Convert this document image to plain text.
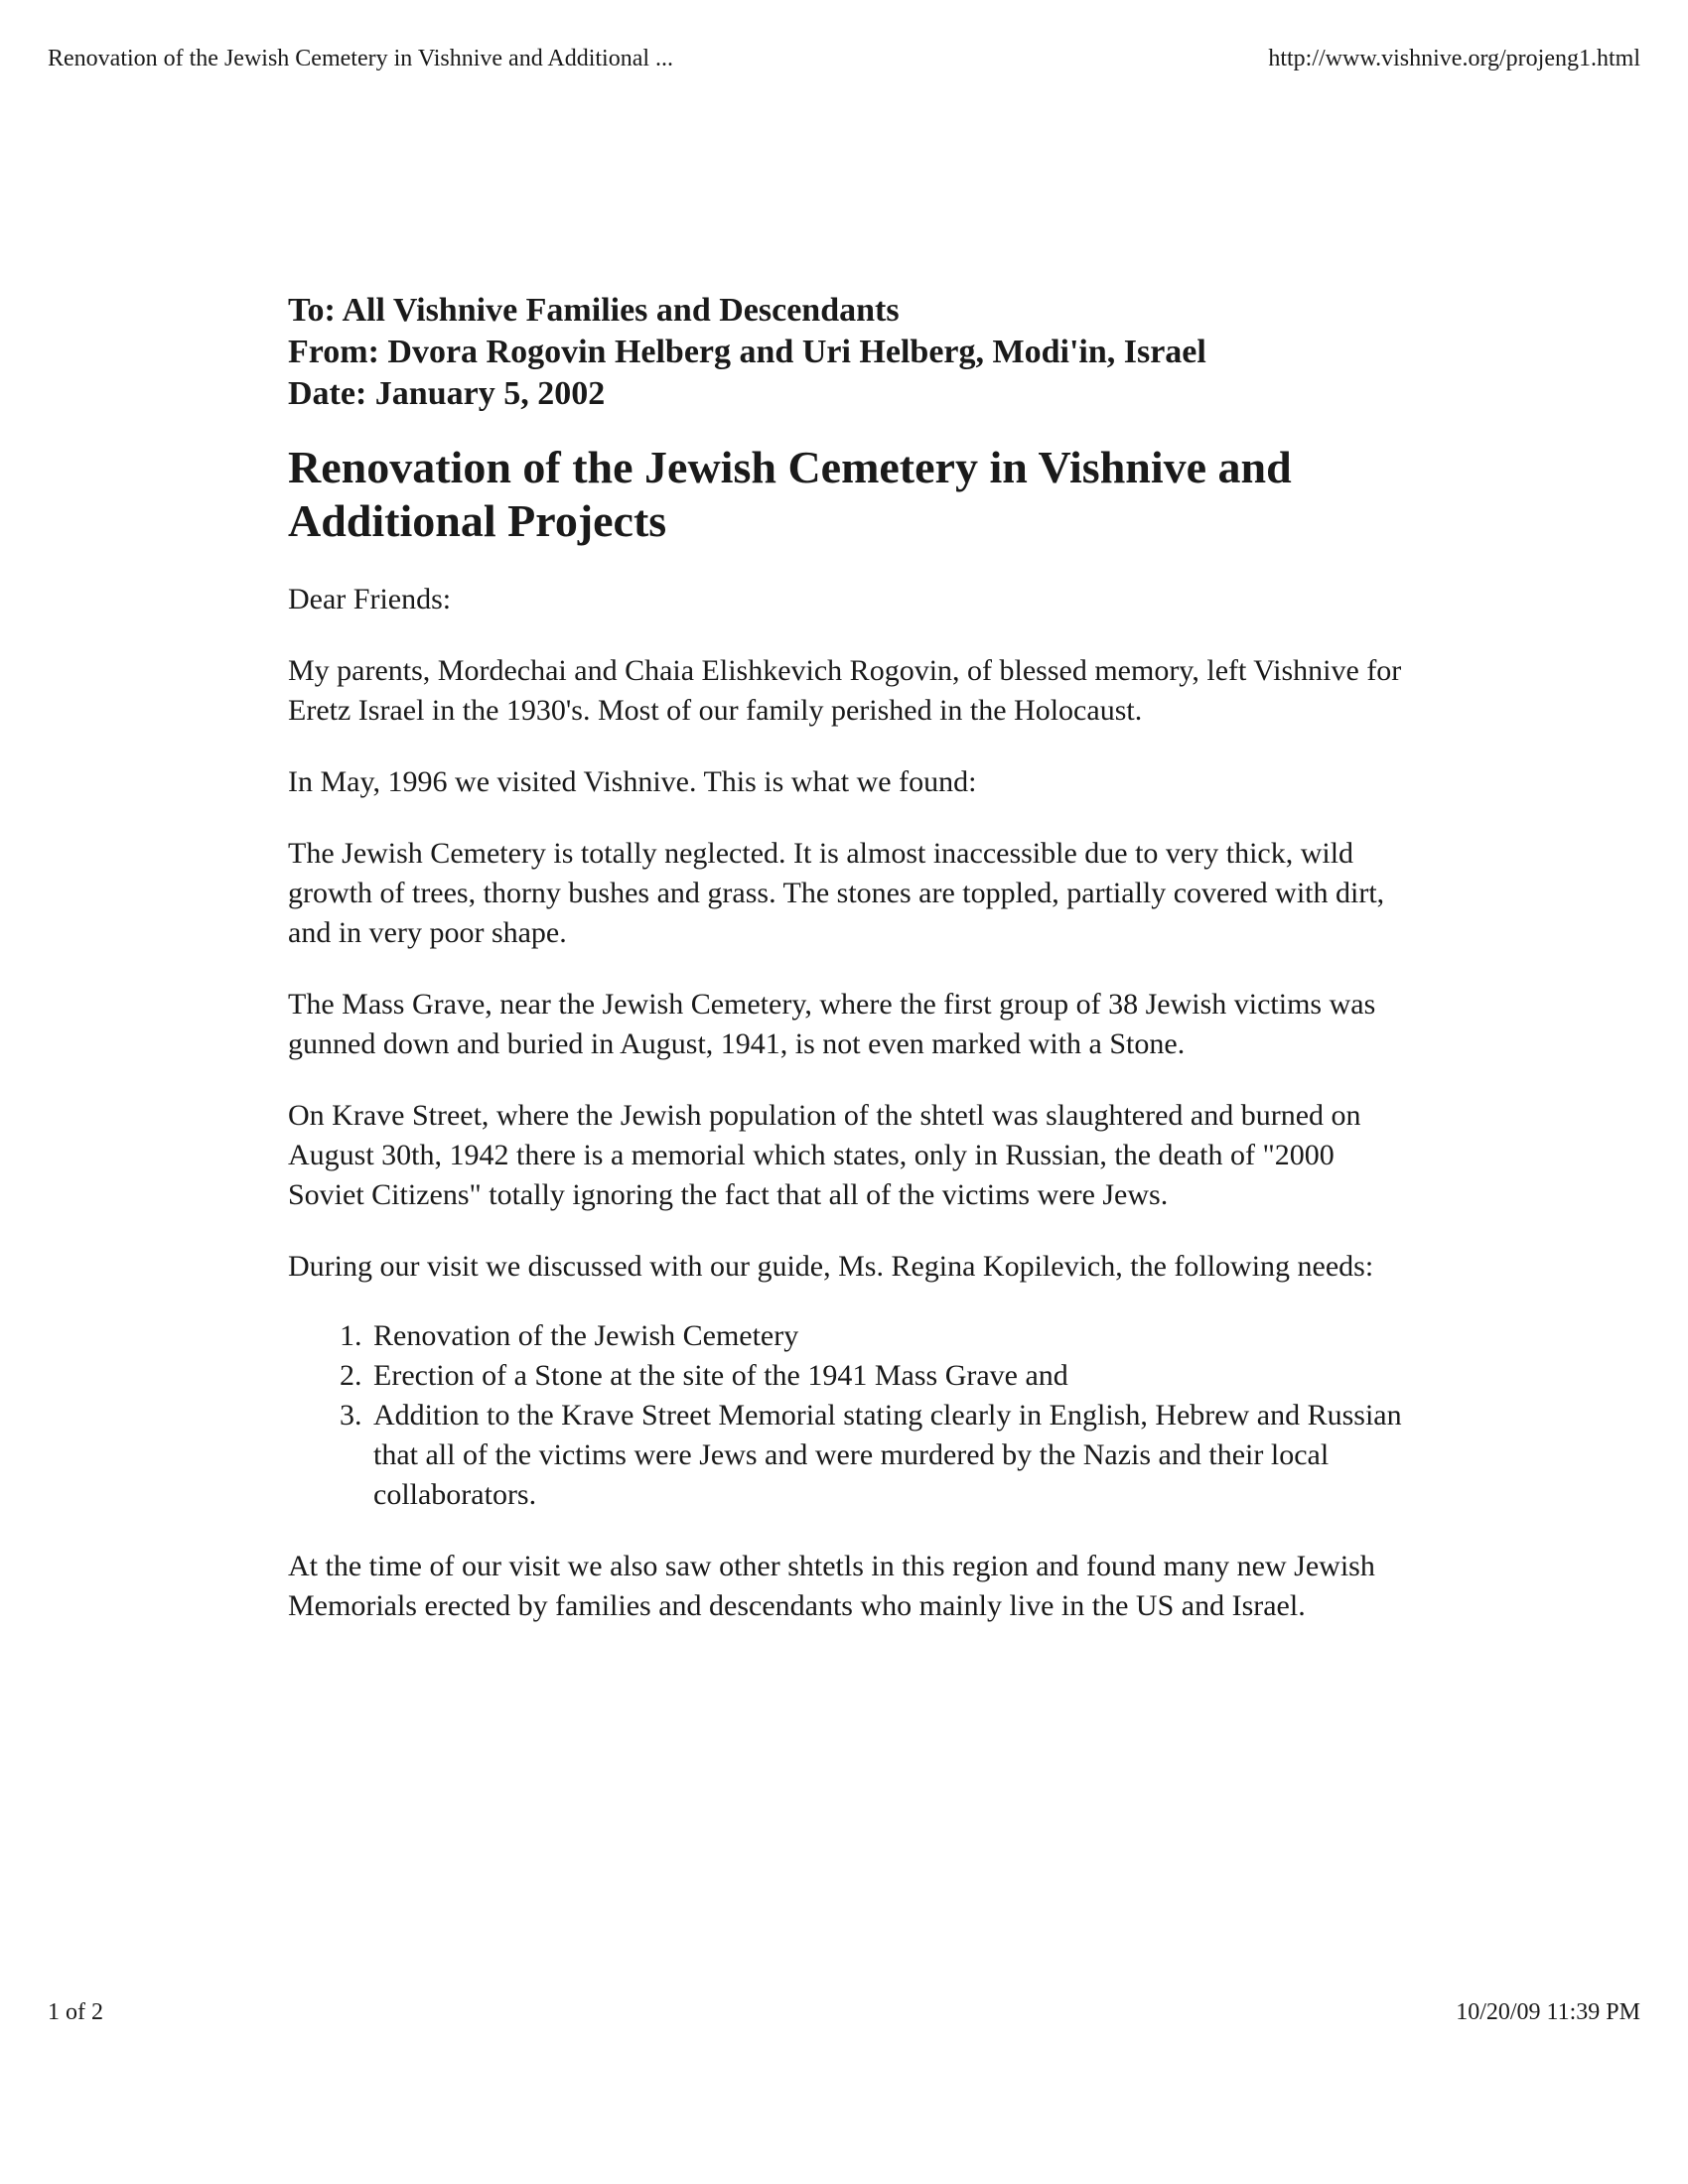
Renovation of the Jewish Cemetery in Vishnive and Additional ...	http://www.vishnive.org/projeng1.html
To: All Vishnive Families and Descendants
From: Dvora Rogovin Helberg and Uri Helberg, Modi'in, Israel
Date: January 5, 2002
Renovation of the Jewish Cemetery in Vishnive and Additional Projects

Dear Friends:

My parents, Mordechai and Chaia Elishkevich Rogovin, of blessed memory, left Vishnive for Eretz Israel in the 1930's. Most of our family perished in the Holocaust.

In May, 1996 we visited Vishnive. This is what we found:

The Jewish Cemetery is totally neglected. It is almost inaccessible due to very thick, wild growth of trees, thorny bushes and grass. The stones are toppled, partially covered with dirt, and in very poor shape.

The Mass Grave, near the Jewish Cemetery, where the first group of 38 Jewish victims was gunned down and buried in August, 1941, is not even marked with a Stone.

On Krave Street, where the Jewish population of the shtetl was slaughtered and burned on August 30th, 1942 there is a memorial which states, only in Russian, the death of "2000 Soviet Citizens" totally ignoring the fact that all of the victims were Jews.

During our visit we discussed with our guide, Ms. Regina Kopilevich, the following needs:

1. Renovation of the Jewish Cemetery
2. Erection of a Stone at the site of the 1941 Mass Grave and
3. Addition to the Krave Street Memorial stating clearly in English, Hebrew and Russian that all of the victims were Jews and were murdered by the Nazis and their local collaborators.

At the time of our visit we also saw other shtetls in this region and found many new Jewish Memorials erected by families and descendants who mainly live in the US and Israel.

1 of 2	10/20/09 11:39 PM
